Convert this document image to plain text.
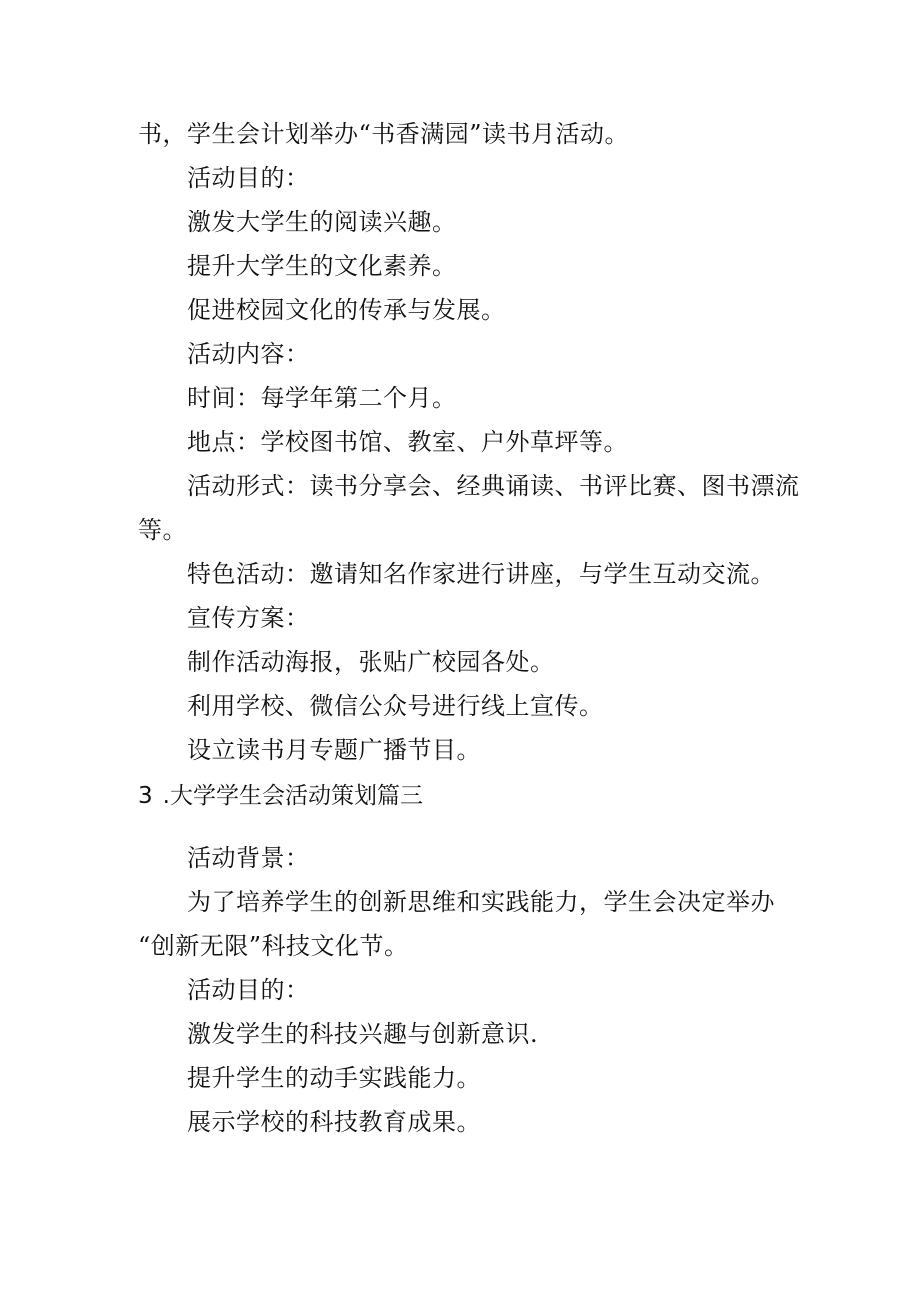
书，学生会计划举办“书香满园”读书月活动。
活动目的：
激发大学生的阅读兴趣。
提升大学生的文化素养。
促进校园文化的传承与发展。
活动内容：
时间：每学年第二个月。
地点：学校图书馆、教室、户外草坪等。
活动形式：读书分享会、经典诵读、书评比赛、图书漂流
等。
特色活动：邀请知名作家进行讲座，与学生互动交流。
宣传方案：
制作活动海报，张贴广校园各处。
利用学校、微信公众号进行线上宣传。
设立读书月专题广播节目。
3 .大学学生会活动策划篇三
活动背景：
为了培养学生的创新思维和实践能力，学生会决定举办
“创新无限”科技文化节。
活动目的：
激发学生的科技兴趣与创新意识.
提升学生的动手实践能力。
展示学校的科技教育成果。
